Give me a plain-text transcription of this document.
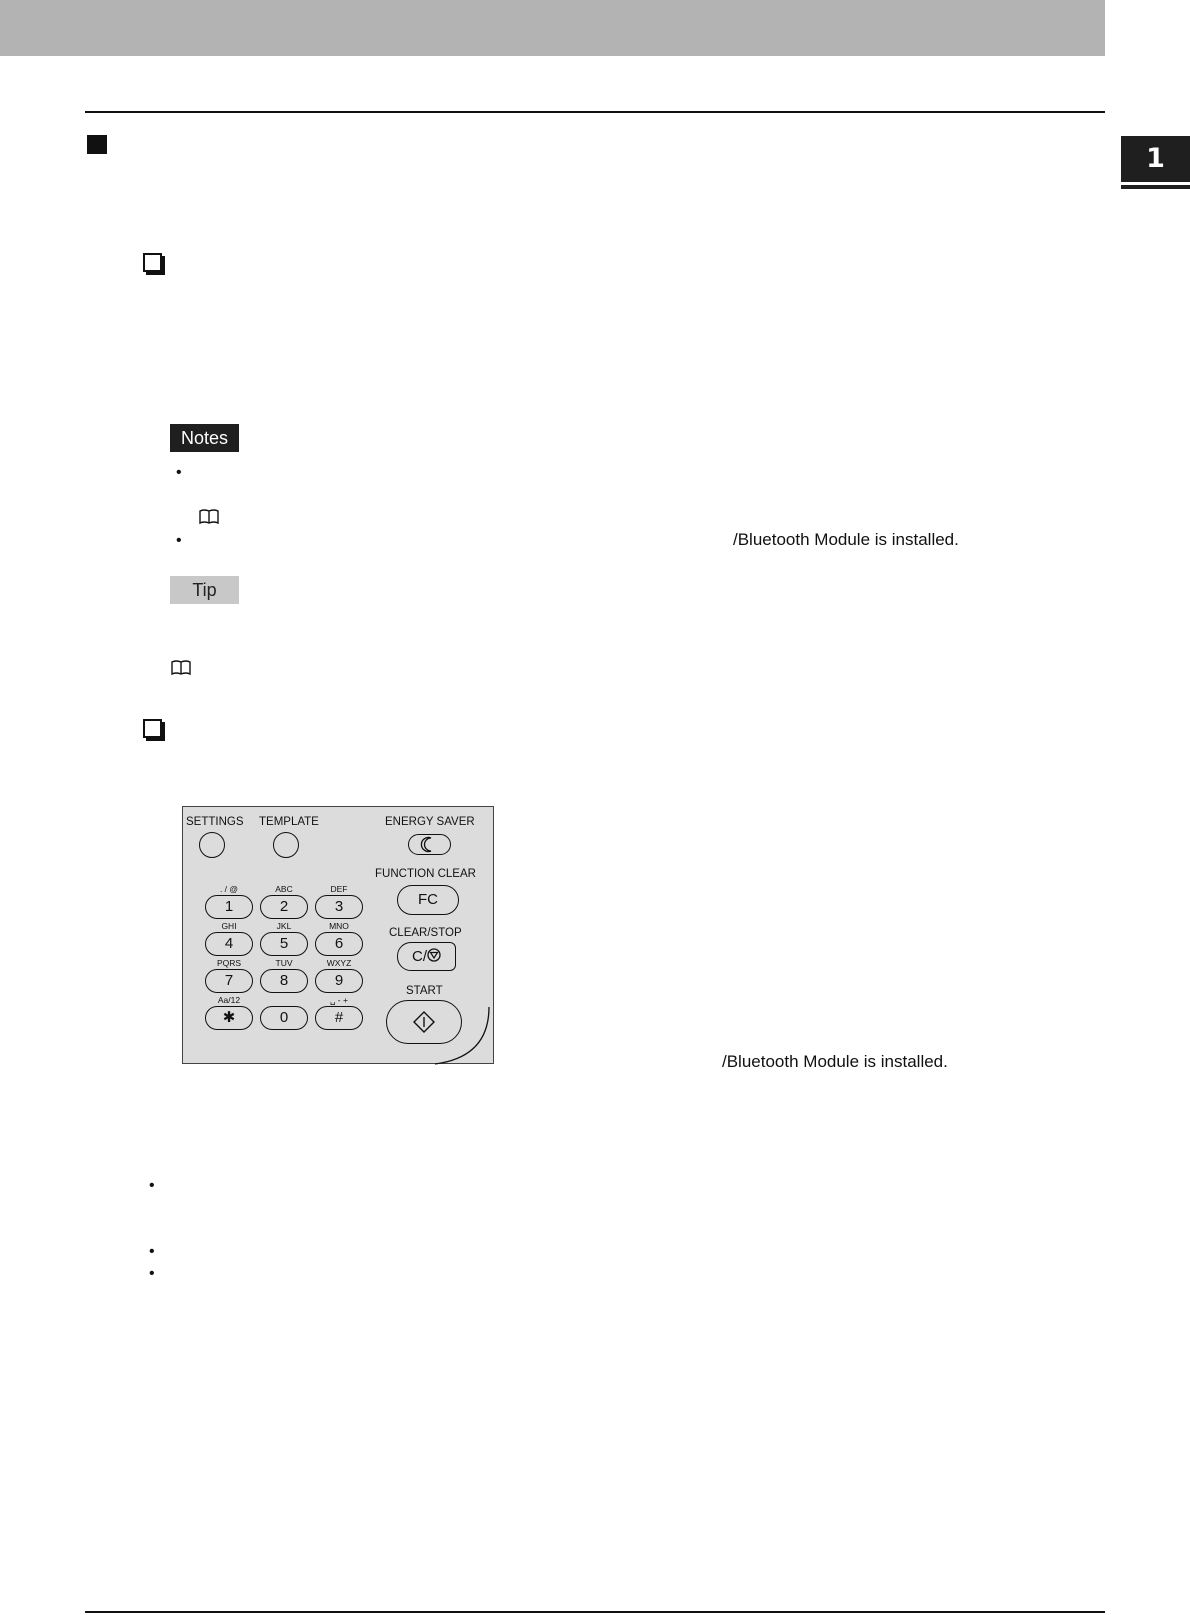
1
Notes
•
•	/Bluetooth Module is installed.
Tip
SETTINGS TEMPLATE	ENERGY SAVER
FUNCTION CLEAR
FC
CLEAR/STOP
C/
START
. / @	ABC	DEF
1	2	3
GHI	JKL	MNO
4	5	6
PQRS	TUV	WXYZ
7	8	9
Aa/12	␣ - +
✱	0	#
/Bluetooth Module is installed.
•
•
•
